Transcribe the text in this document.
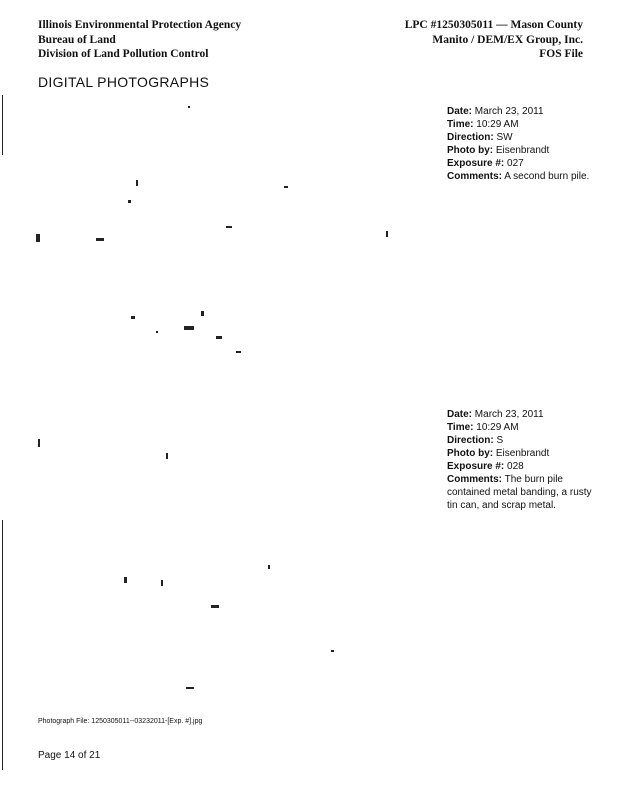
Illinois Environmental Protection Agency
Bureau of Land
Division of Land Pollution Control
LPC #1250305011 — Mason County
Manito / DEM/EX Group, Inc.
FOS File
DIGITAL PHOTOGRAPHS
Date: March 23, 2011
Time: 10:29 AM
Direction: SW
Photo by: Eisenbrandt
Exposure #: 027
Comments: A second burn pile.
Date: March 23, 2011
Time: 10:29 AM
Direction: S
Photo by: Eisenbrandt
Exposure #: 028
Comments: The burn pile contained metal banding, a rusty tin can, and scrap metal.
Photograph File: 1250305011--03232011-[Exp. #].jpg
Page 14 of 21
